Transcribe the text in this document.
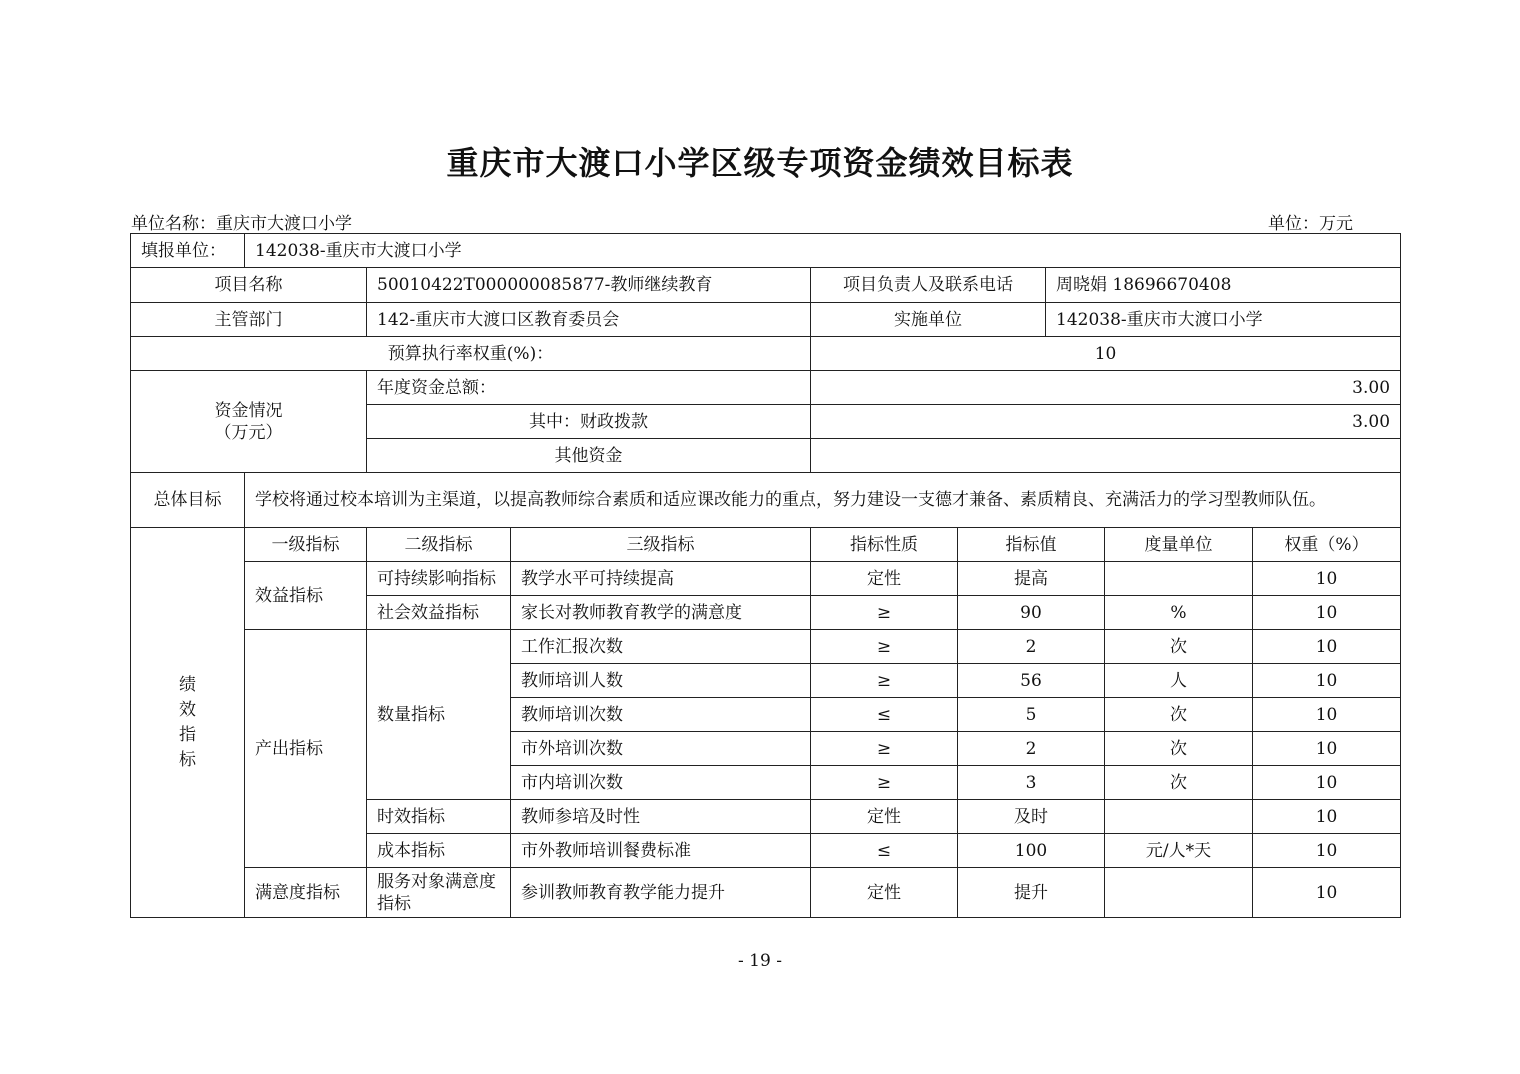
重庆市大渡口小学区级专项资金绩效目标表
单位名称：重庆市大渡口小学	单位：万元
填报单位：	142038-重庆市大渡口小学							
项目名称		50010422T000000085877-教师继续教育		项目负责人及联系电话		周晓娟 18696670408		
主管部门		142-重庆市大渡口区教育委员会		实施单位		142038-重庆市大渡口小学		
预算执行率权重(%)：				10				
资金情况
（万元）		年度资金总额：		3.00				
		其中：财政拨款		3.00				
		其他资金						
总体目标	学校将通过校本培训为主渠道，以提高教师综合素质和适应课改能力的重点，努力建设一支德才兼备、素质精良、充满活力的学习型教师队伍。							
绩
效
指
标	一级指标	二级指标	三级指标	指标性质	指标值		度量单位	权重（%）
	效益指标	可持续影响指标	教学水平可持续提高	定性	提高			10
		社会效益指标	家长对教师教育教学的满意度	≥	90		%	10
	产出指标	数量指标	工作汇报次数	≥	2		次	10
			教师培训人数	≥	56		人	10
			教师培训次数	≤	5		次	10
			市外培训次数	≥	2		次	10
			市内培训次数	≥	3		次	10
		时效指标	教师参培及时性	定性	及时			10
		成本指标	市外教师培训餐费标准	≤	100		元/人*天	10
	满意度指标	服务对象满意度指标	参训教师教育教学能力提升	定性	提升			10
- 19 -
